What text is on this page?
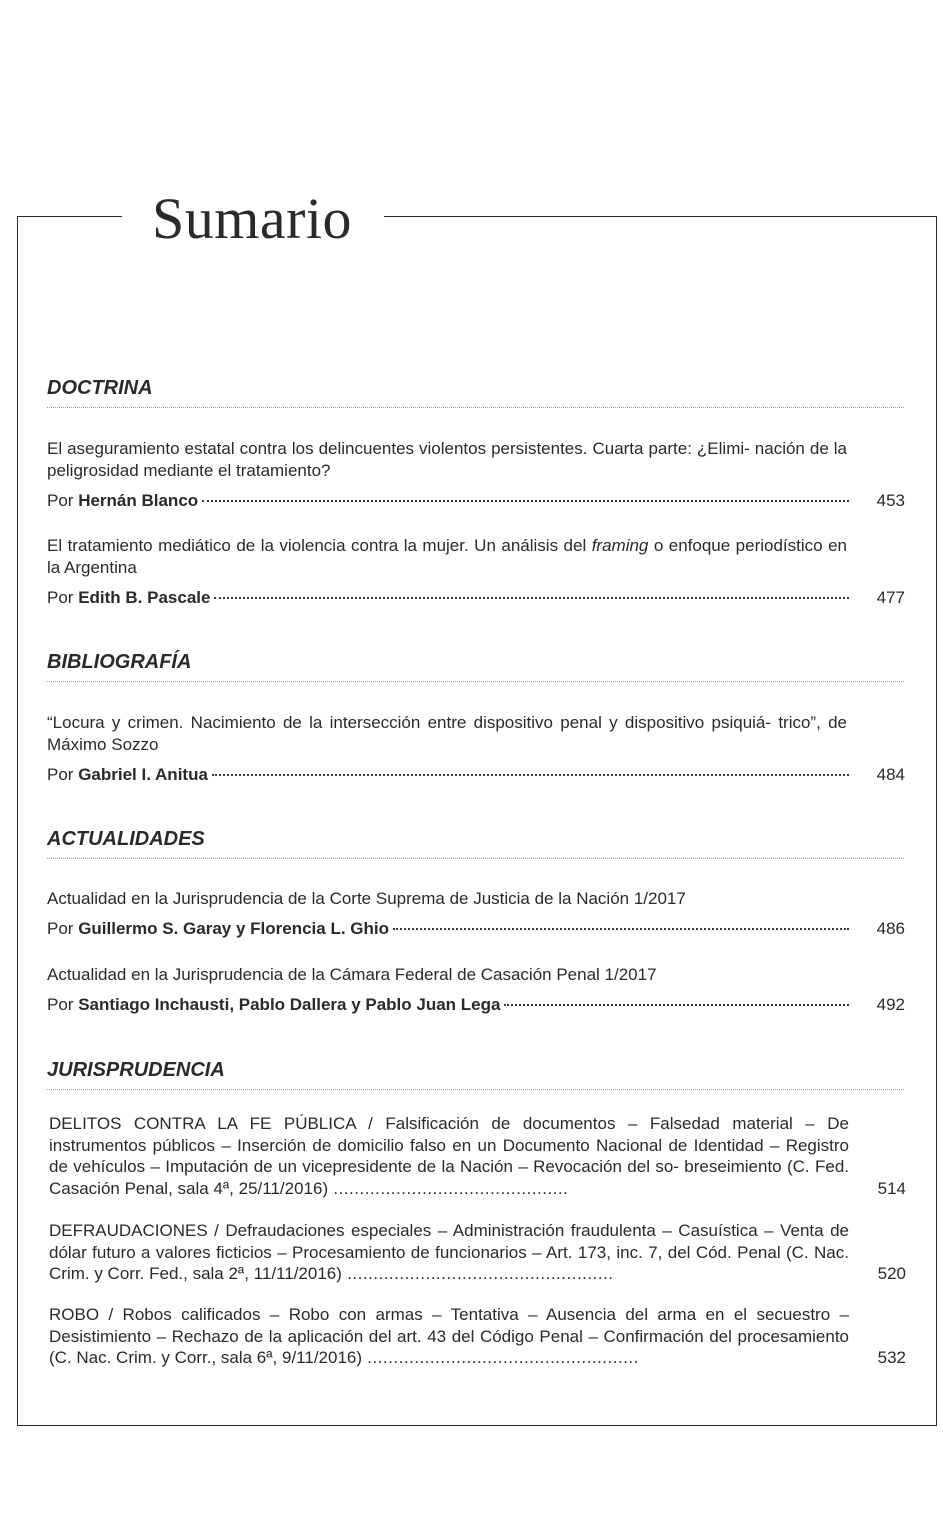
Sumario
DOCTRINA
El aseguramiento estatal contra los delincuentes violentos persistentes. Cuarta parte: ¿Elimi- nación de la peligrosidad mediante el tratamiento?
Por Hernán Blanco	453
El tratamiento mediático de la violencia contra la mujer. Un análisis del framing o enfoque periodístico en la Argentina
Por Edith B. Pascale	477
BIBLIOGRAFÍA
“Locura y crimen. Nacimiento de la intersección entre dispositivo penal y dispositivo psiquiá- trico”, de Máximo Sozzo
Por Gabriel I. Anitua	484
ACTUALIDADES
Actualidad en la Jurisprudencia de la Corte Suprema de Justicia de la Nación 1/2017
Por Guillermo S. Garay y Florencia L. Ghio	486
Actualidad en la Jurisprudencia de la Cámara Federal de Casación Penal 1/2017
Por Santiago Inchausti, Pablo Dallera y Pablo Juan Lega	492
JURISPRUDENCIA
DELITOS CONTRA LA FE PÚBLICA / Falsificación de documentos – Falsedad material – De instrumentos públicos – Inserción de domicilio falso en un Documento Nacional de Identidad – Registro de vehículos – Imputación de un vicepresidente de la Nación – Revocación del so- breseimiento (C. Fed. Casación Penal, sala 4ª, 25/11/2016) .............................................	514
DEFRAUDACIONES / Defraudaciones especiales – Administración fraudulenta – Casuística – Venta de dólar futuro a valores ficticios – Procesamiento de funcionarios – Art. 173, inc. 7, del Cód. Penal (C. Nac. Crim. y Corr. Fed., sala 2ª, 11/11/2016) ...................................................	520
ROBO / Robos calificados – Robo con armas – Tentativa – Ausencia del arma en el secuestro – Desistimiento – Rechazo de la aplicación del art. 43 del Código Penal – Confirmación del procesamiento (C. Nac. Crim. y Corr., sala 6ª, 9/11/2016) ....................................................	532
